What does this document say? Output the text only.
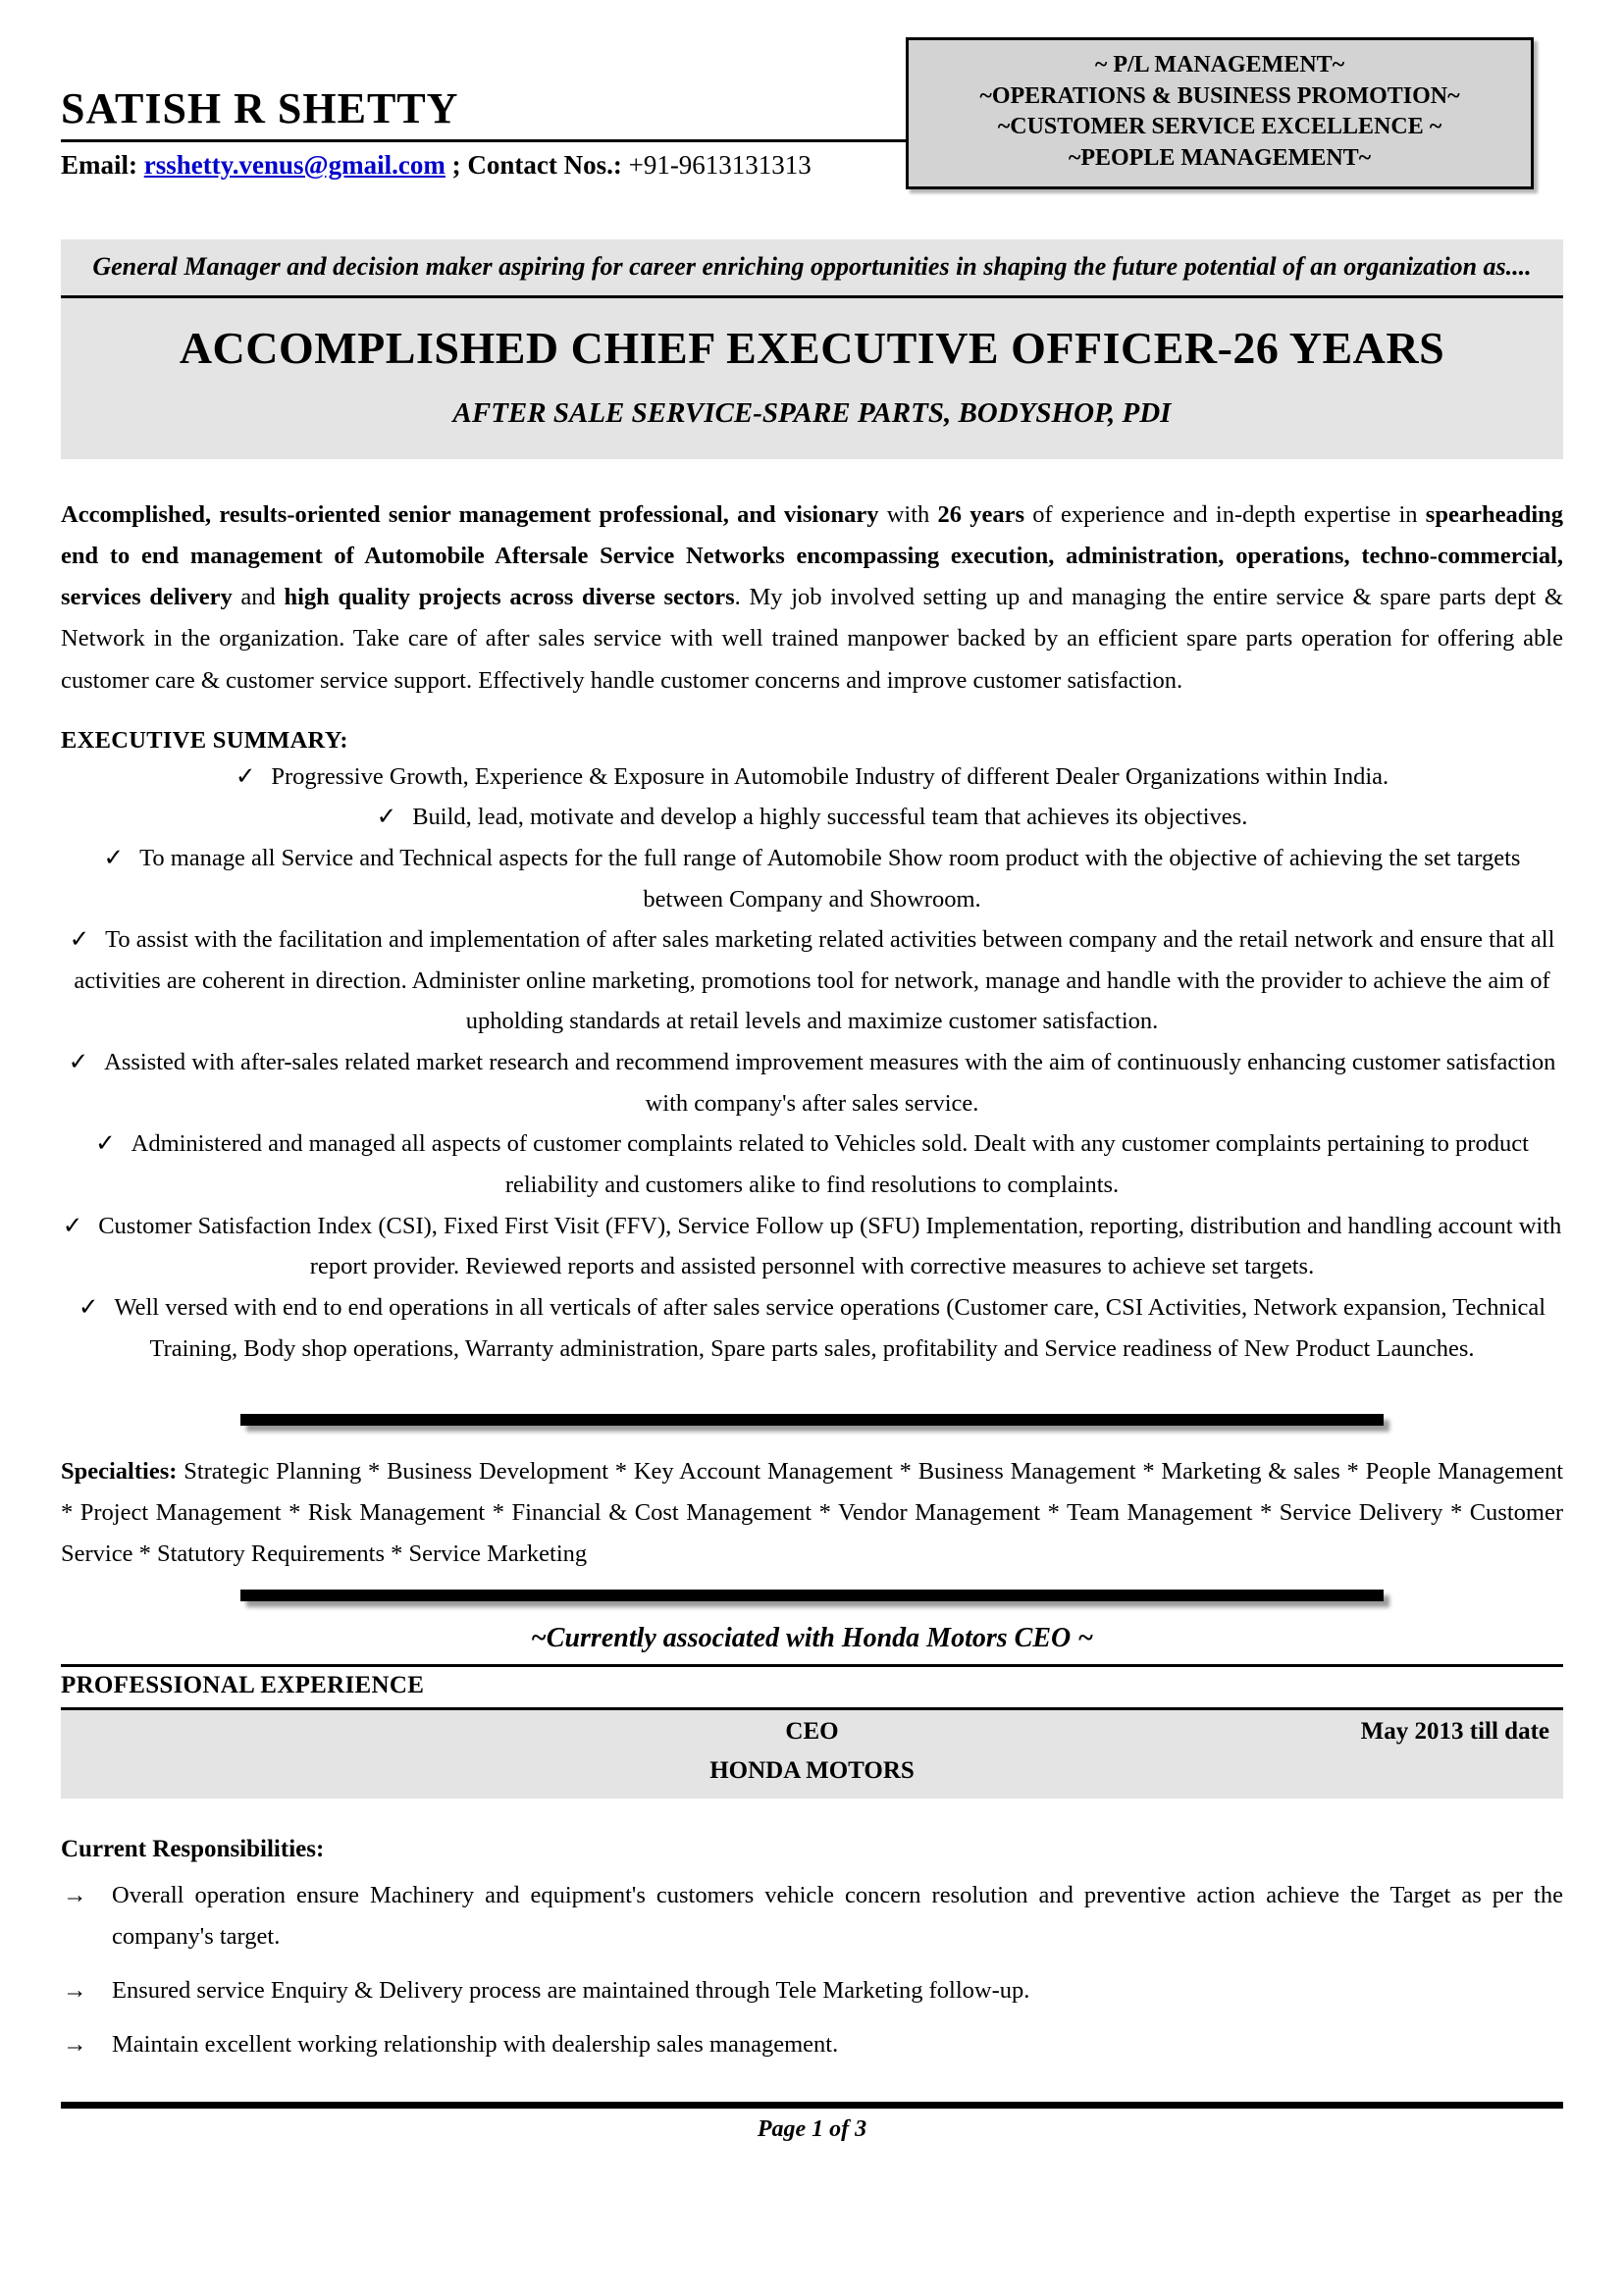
~ P/L MANAGEMENT~
~OPERATIONS & BUSINESS PROMOTION~
~CUSTOMER SERVICE EXCELLENCE ~
~PEOPLE MANAGEMENT~
SATISH R SHETTY
Email: rsshetty.venus@gmail.com ; Contact Nos.: +91-9613131313
General Manager and decision maker aspiring for career enriching opportunities in shaping the future potential of an organization as....
ACCOMPLISHED CHIEF EXECUTIVE OFFICER-26 YEARS
AFTER SALE SERVICE-SPARE PARTS, BODYSHOP, PDI
Accomplished, results-oriented senior management professional, and visionary with 26 years of experience and in-depth expertise in spearheading end to end management of Automobile Aftersale Service Networks encompassing execution, administration, operations, techno-commercial, services delivery and high quality projects across diverse sectors. My job involved setting up and managing the entire service & spare parts dept & Network in the organization. Take care of after sales service with well trained manpower backed by an efficient spare parts operation for offering able customer care & customer service support. Effectively handle customer concerns and improve customer satisfaction.
EXECUTIVE SUMMARY:
✓ Progressive Growth, Experience & Exposure in Automobile Industry of different Dealer Organizations within India.
✓ Build, lead, motivate and develop a highly successful team that achieves its objectives.
✓ To manage all Service and Technical aspects for the full range of Automobile Show room product with the objective of achieving the set targets between Company and Showroom.
✓ To assist with the facilitation and implementation of after sales marketing related activities between company and the retail network and ensure that all activities are coherent in direction. Administer online marketing, promotions tool for network, manage and handle with the provider to achieve the aim of upholding standards at retail levels and maximize customer satisfaction.
✓ Assisted with after-sales related market research and recommend improvement measures with the aim of continuously enhancing customer satisfaction with company's after sales service.
✓ Administered and managed all aspects of customer complaints related to Vehicles sold. Dealt with any customer complaints pertaining to product reliability and customers alike to find resolutions to complaints.
✓ Customer Satisfaction Index (CSI), Fixed First Visit (FFV), Service Follow up (SFU) Implementation, reporting, distribution and handling account with report provider. Reviewed reports and assisted personnel with corrective measures to achieve set targets.
✓ Well versed with end to end operations in all verticals of after sales service operations (Customer care, CSI Activities, Network expansion, Technical Training, Body shop operations, Warranty administration, Spare parts sales, profitability and Service readiness of New Product Launches.
Specialties: Strategic Planning * Business Development * Key Account Management * Business Management * Marketing & sales * People Management * Project Management * Risk Management * Financial & Cost Management * Vendor Management * Team Management * Service Delivery * Customer Service * Statutory Requirements * Service Marketing
~Currently associated with Honda Motors CEO ~
PROFESSIONAL EXPERIENCE
CEO	May 2013 till date
HONDA MOTORS
Current Responsibilities:
→ Overall operation ensure Machinery and equipment's customers vehicle concern resolution and preventive action achieve the Target as per the company's target.
→ Ensured service Enquiry & Delivery process are maintained through Tele Marketing follow-up.
→ Maintain excellent working relationship with dealership sales management.
Page 1 of 3
